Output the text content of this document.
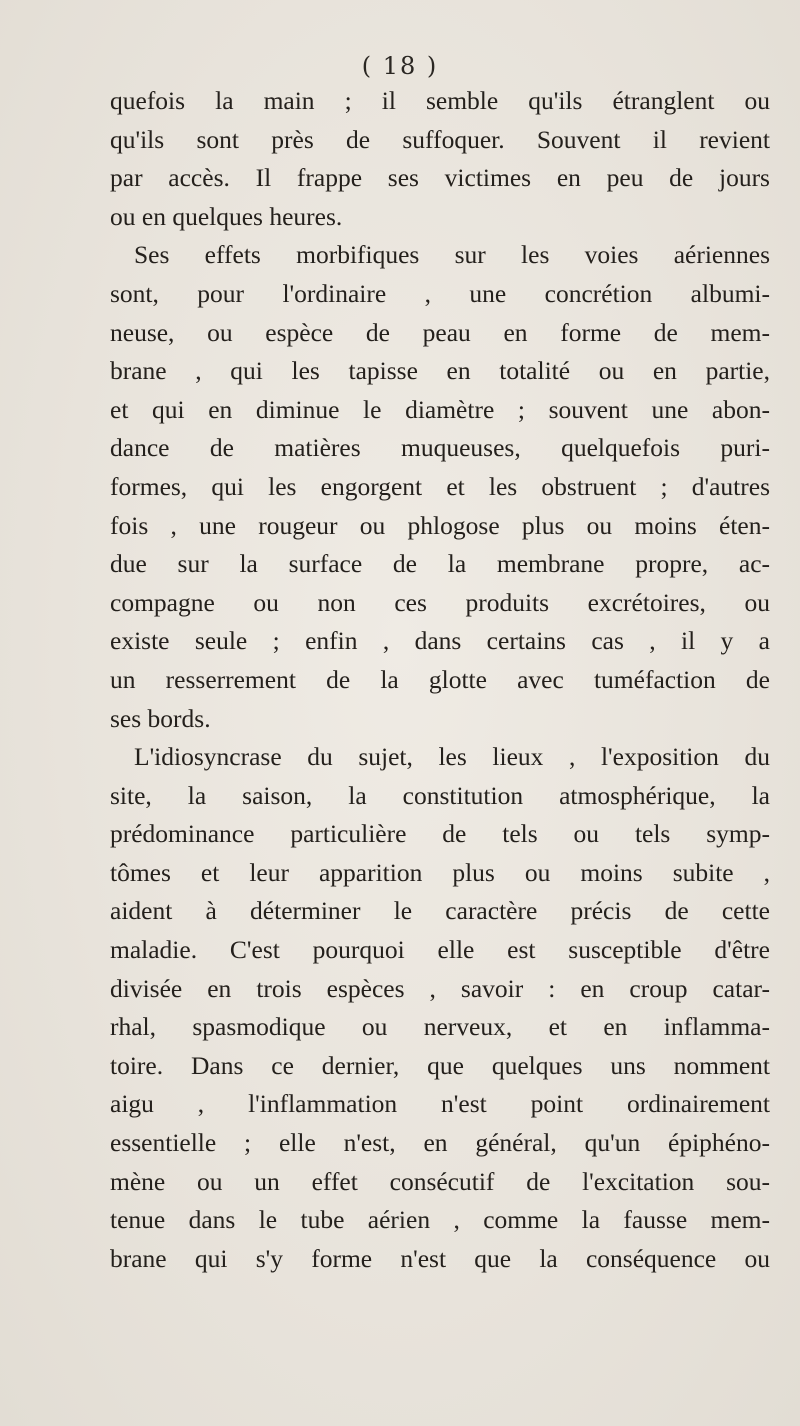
( 18 )
quefois la main ; il semble qu'ils étranglent ou
qu'ils sont près de suffoquer. Souvent il revient
par accès. Il frappe ses victimes en peu de jours
ou en quelques heures.
Ses effets morbifiques sur les voies aériennes
sont, pour l'ordinaire , une concrétion albumi-
neuse, ou espèce de peau en forme de mem-
brane , qui les tapisse en totalité ou en partie,
et qui en diminue le diamètre ; souvent une abon-
dance de matières muqueuses, quelquefois puri-
formes, qui les engorgent et les obstruent ; d'autres
fois , une rougeur ou phlogose plus ou moins éten-
due sur la surface de la membrane propre, ac-
compagne ou non ces produits excrétoires, ou
existe seule ; enfin , dans certains cas , il y a
un resserrement de la glotte avec tuméfaction de
ses bords.
L'idiosyncrase du sujet, les lieux , l'exposition du
site, la saison, la constitution atmosphérique, la
prédominance particulière de tels ou tels symp-
tômes et leur apparition plus ou moins subite ,
aident à déterminer le caractère précis de cette
maladie. C'est pourquoi elle est susceptible d'être
divisée en trois espèces , savoir : en croup catar-
rhal, spasmodique ou nerveux, et en inflamma-
toire. Dans ce dernier, que quelques uns nomment
aigu , l'inflammation n'est point ordinairement
essentielle ; elle n'est, en général, qu'un épiphéno-
mène ou un effet consécutif de l'excitation sou-
tenue dans le tube aérien , comme la fausse mem-
brane qui s'y forme n'est que la conséquence ou
